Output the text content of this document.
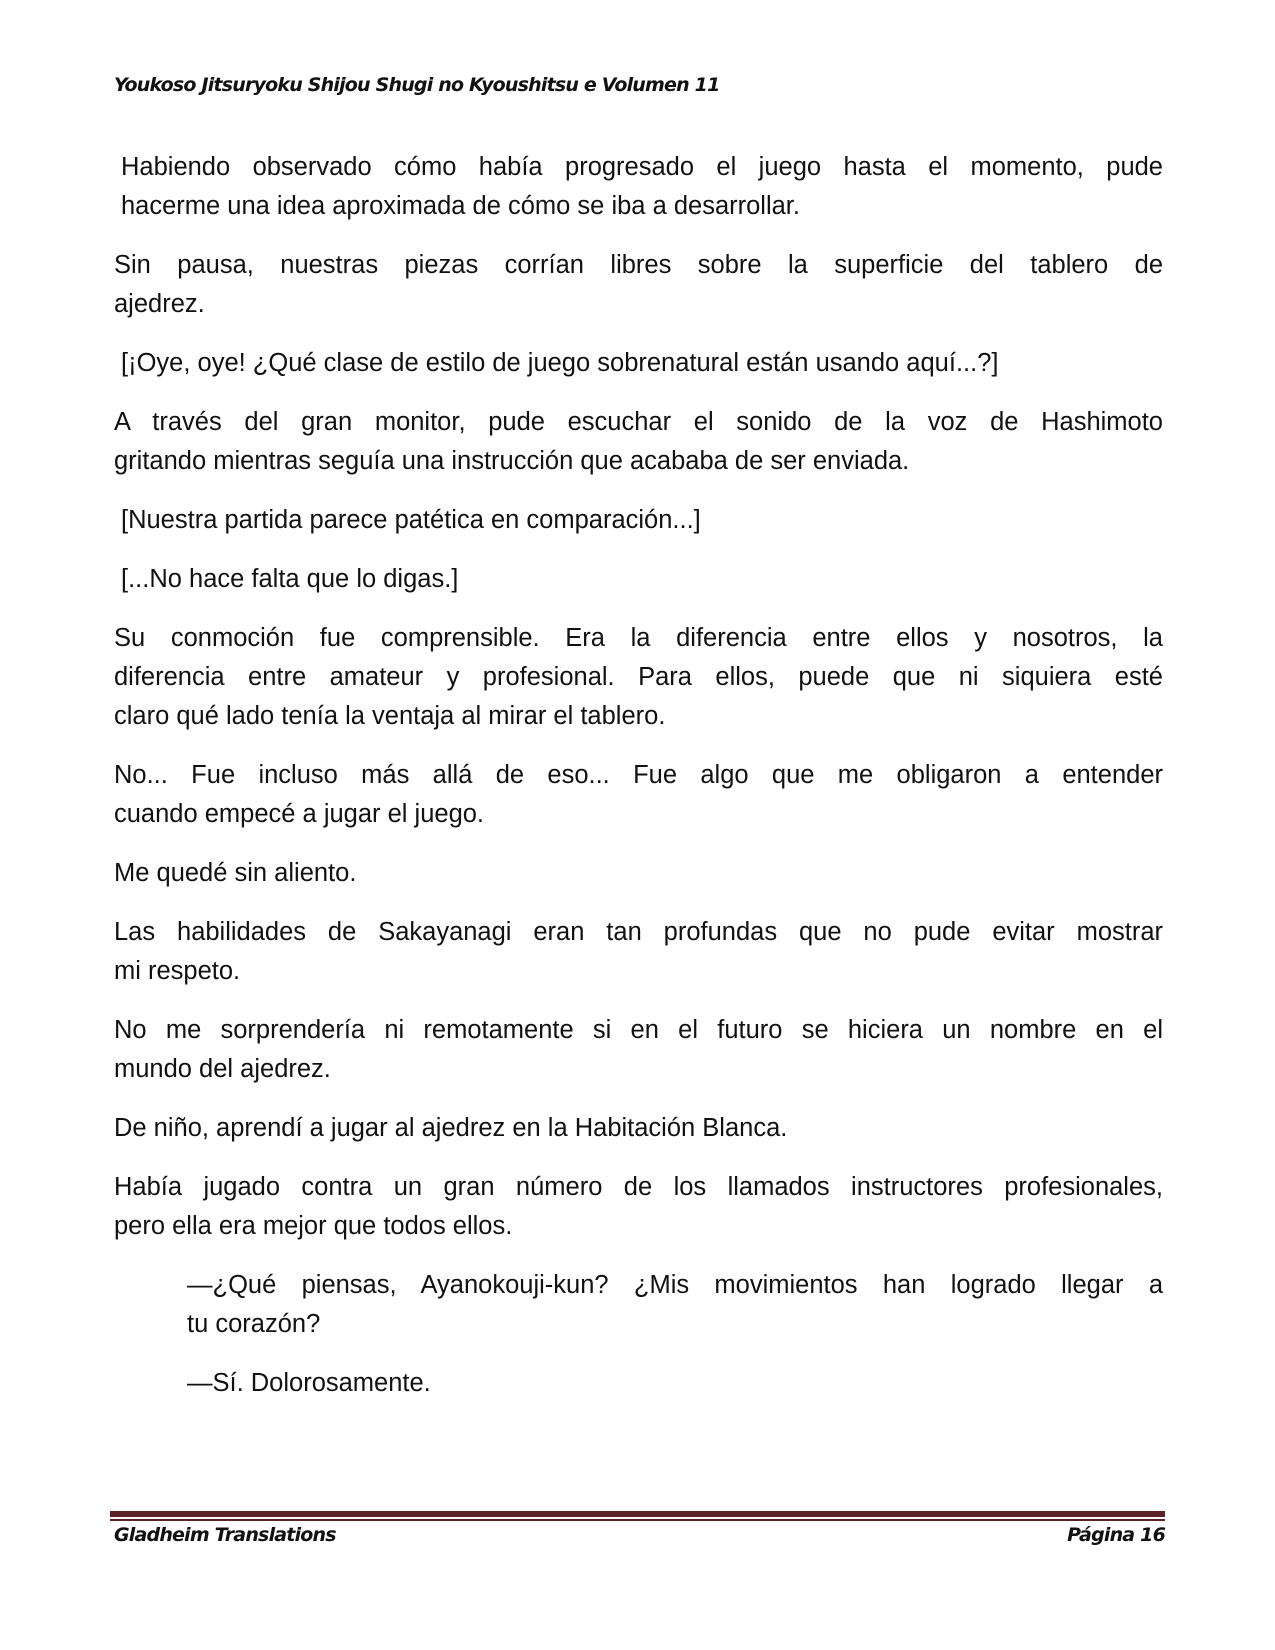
Youkoso Jitsuryoku Shijou Shugi no Kyoushitsu e Volumen 11
Habiendo observado cómo había progresado el juego hasta el momento, pude
hacerme una idea aproximada de cómo se iba a desarrollar.
Sin pausa, nuestras piezas corrían libres sobre la superficie del tablero de
ajedrez.
[¡Oye, oye! ¿Qué clase de estilo de juego sobrenatural están usando aquí...?]
A través del gran monitor, pude escuchar el sonido de la voz de Hashimoto
gritando mientras seguía una instrucción que acababa de ser enviada.
[Nuestra partida parece patética en comparación...]
[...No hace falta que lo digas.]
Su conmoción fue comprensible. Era la diferencia entre ellos y nosotros, la
diferencia entre amateur y profesional. Para ellos, puede que ni siquiera esté
claro qué lado tenía la ventaja al mirar el tablero.
No... Fue incluso más allá de eso... Fue algo que me obligaron a entender
cuando empecé a jugar el juego.
Me quedé sin aliento.
Las habilidades de Sakayanagi eran tan profundas que no pude evitar mostrar
mi respeto.
No me sorprendería ni remotamente si en el futuro se hiciera un nombre en el
mundo del ajedrez.
De niño, aprendí a jugar al ajedrez en la Habitación Blanca.
Había jugado contra un gran número de los llamados instructores profesionales,
pero ella era mejor que todos ellos.
—¿Qué piensas, Ayanokouji-kun? ¿Mis movimientos han logrado llegar a
tu corazón?
—Sí. Dolorosamente.
Gladheim Translations	Página 16
